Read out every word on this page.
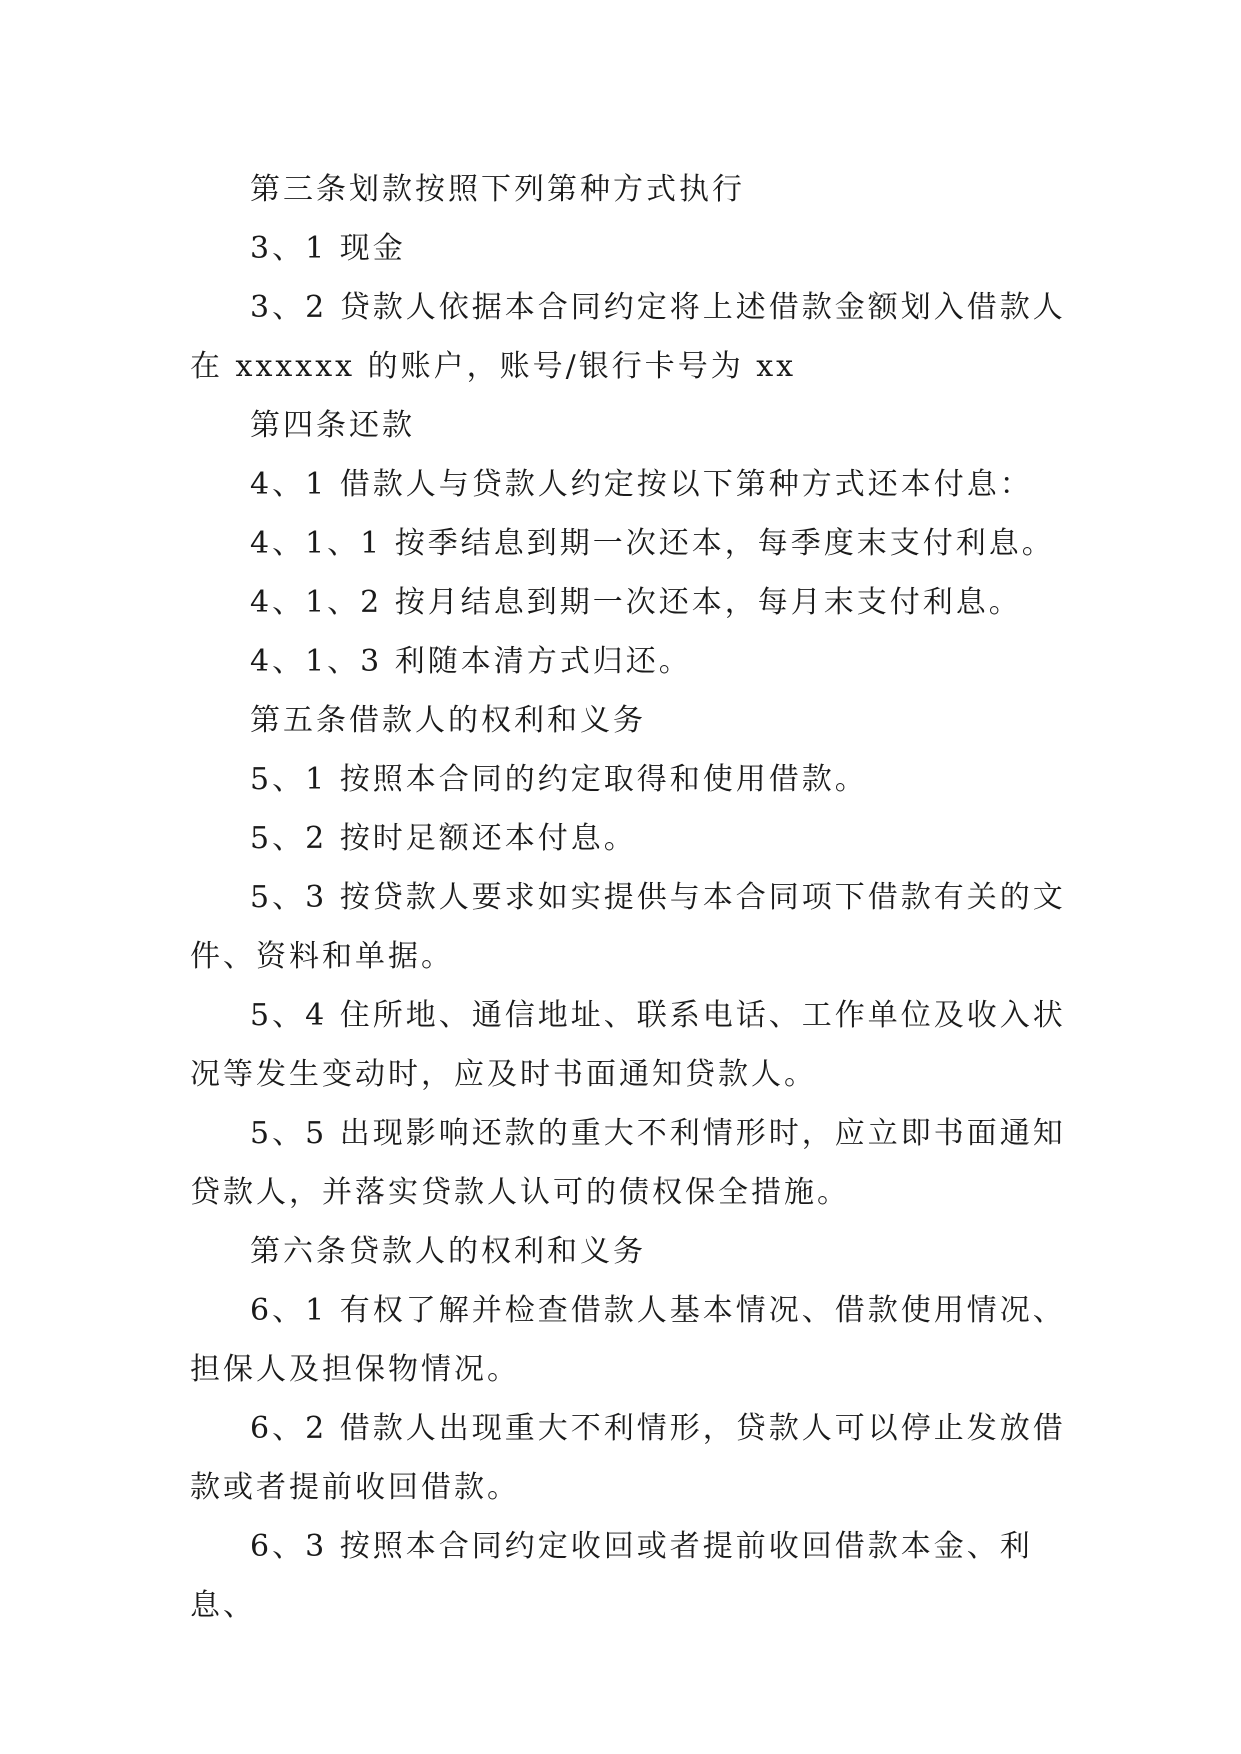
第三条划款按照下列第种方式执行

3、1 现金

3、2 贷款人依据本合同约定将上述借款金额划入借款人在 xxxxxx 的账户，账号/银行卡号为 xx

第四条还款

4、1 借款人与贷款人约定按以下第种方式还本付息：

4、1、1 按季结息到期一次还本，每季度末支付利息。

4、1、2 按月结息到期一次还本，每月末支付利息。

4、1、3 利随本清方式归还。

第五条借款人的权利和义务

5、1 按照本合同的约定取得和使用借款。

5、2 按时足额还本付息。

5、3 按贷款人要求如实提供与本合同项下借款有关的文件、资料和单据。

5、4 住所地、通信地址、联系电话、工作单位及收入状况等发生变动时，应及时书面通知贷款人。

5、5 出现影响还款的重大不利情形时，应立即书面通知贷款人，并落实贷款人认可的债权保全措施。

第六条贷款人的权利和义务

6、1 有权了解并检查借款人基本情况、借款使用情况、担保人及担保物情况。

6、2 借款人出现重大不利情形，贷款人可以停止发放借款或者提前收回借款。

6、3 按照本合同约定收回或者提前收回借款本金、利息、
